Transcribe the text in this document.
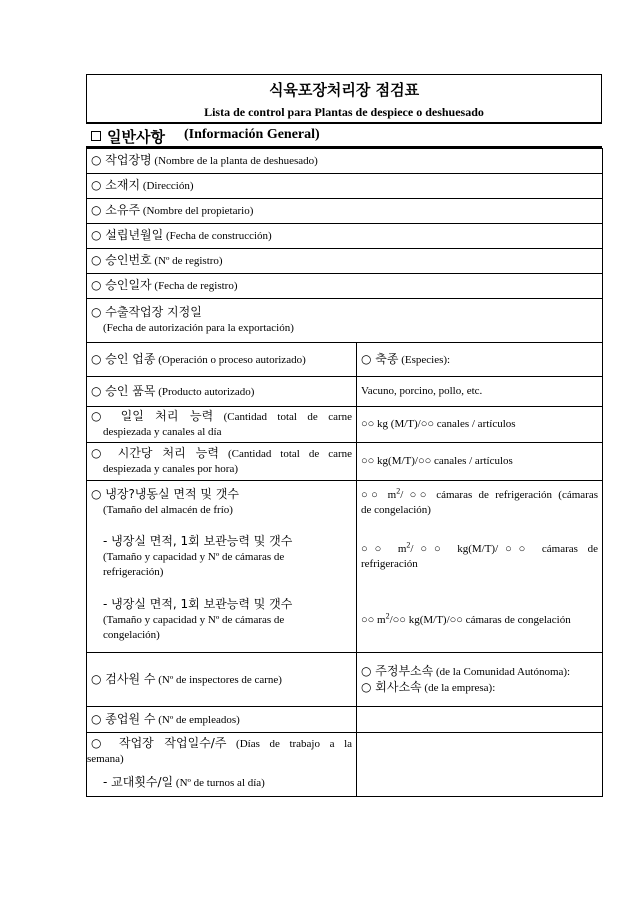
식육포장처리장 점검표
Lista de control para Plantas de despiece o deshuesado
일반사항 (Información General)
○ 작업장명 (Nombre de la planta de deshuesado)	
○ 소재지 (Dirección)	
○ 소유주 (Nombre del propietario)	
○ 설립년월일 (Fecha de construcción)	
○ 승인번호 (Nº de registro)	
○ 승인일자 (Fecha de registro)	
○ 수출작업장 지정일

(Fecha de autorización para la exportación)	

○ 승인 업종 (Operación o proceso autorizado)	○ 축종 (Especies):
○ 승인 품목 (Producto autorizado)	Vacuno, porcino, pollo, etc.

○ 일일 처리 능력 (Cantidad total de carne
despiezada y canales al día	○○ kg (M/T)/○○ canales / artículos

○ 시간당 처리 능력 (Cantidad total de carne
despiezada y canales por hora)	○○ kg(M/T)/○○ canales / artículos
○ 냉장?냉동실 면적 및 갯수

(Tamaño del almacén de frío)	○○ $m^2/$ ○○ cámaras de refrigeración (cámaras
de congelación)
- 냉장실 면적, 1회 보관능력 및 갯수

(Tamaño y capacidad y Nº de cámaras de
refrigeración)	○○ $m^2/○○$ kg(M/T)/○○ cámaras de
refrigeración
- 냉장실 면적, 1회 보관능력 및 갯수

(Tamaño y capacidad y Nº de cámaras de
congelación)	○○ $m^2/○○$ kg(M/T)/○○ cámaras de congelación
○ 검사원 수 (Nº de inspectores de carne)	○ 주정부소속 (de la Comunidad Autónoma):
○ 회사소속 (de la empresa):
○ 종업원 수 (Nº de empleados)	

○ 작업장 작업일수/주 (Días de trabajo a la
semana)	
- 교대횟수/일 (Nº de turnos al día)	
